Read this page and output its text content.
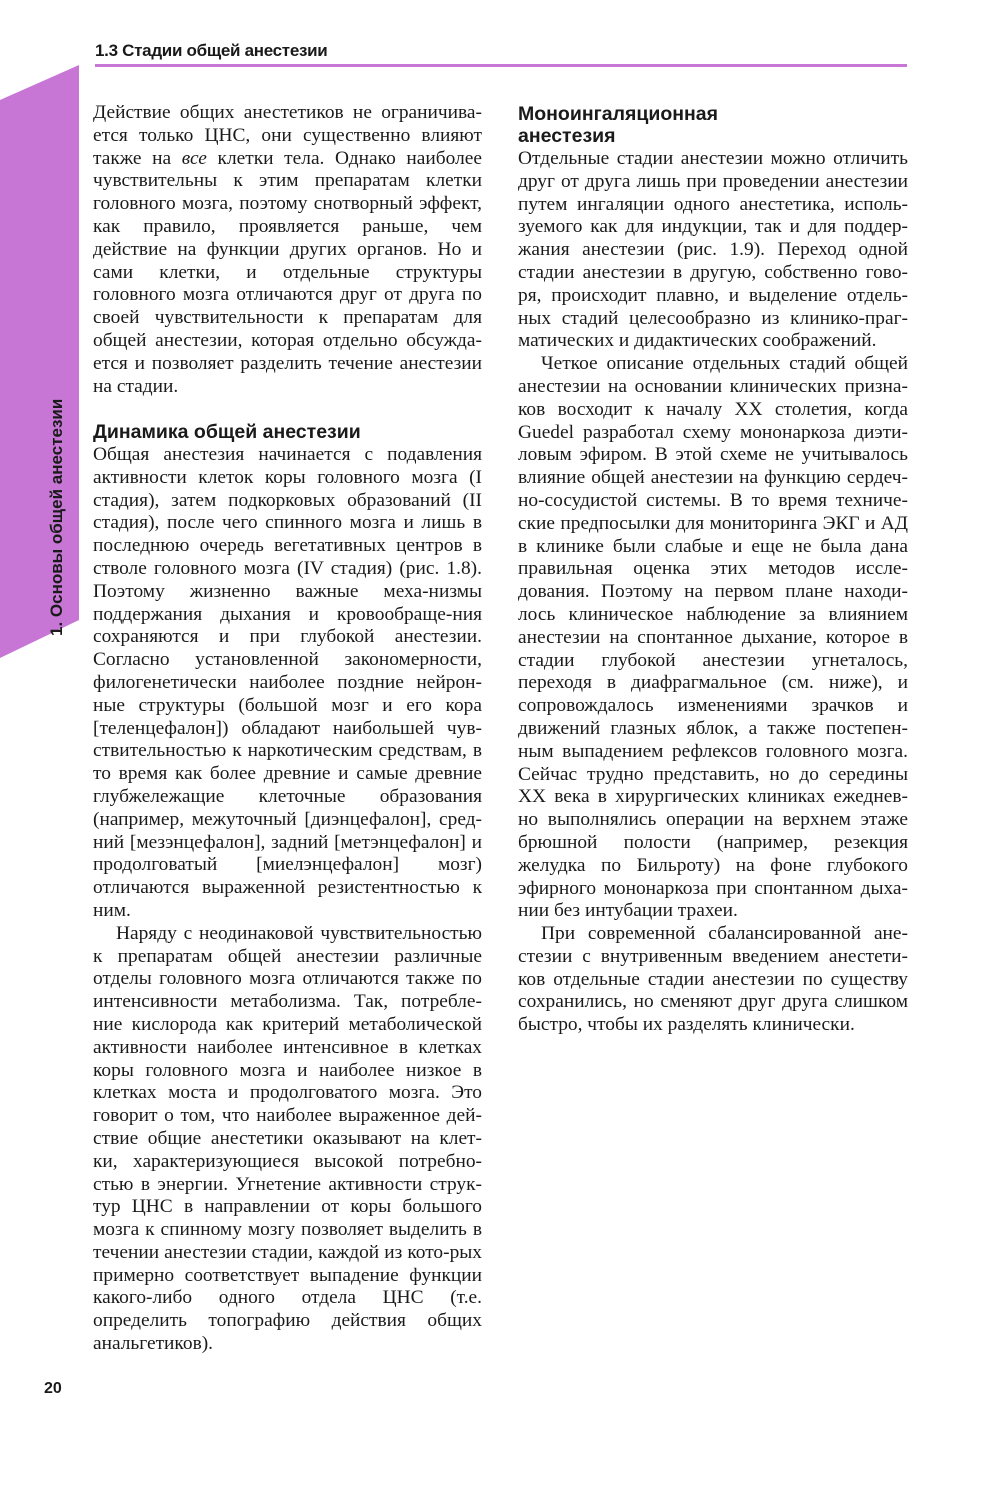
1. Основы общей анестезии
1.3 Стадии общей анестезии

Действие общих анестетиков не ограничива-ется только ЦНС, они существенно влияют также на все клетки тела. Однако наиболее чувствительны к этим препаратам клетки головного мозга, поэтому снотворный эффект, как правило, проявляется раньше, чем действие на функции других органов. Но и сами клетки, и отдельные структуры головного мозга отличаются друг от друга по своей чувствительности к препаратам для общей анестезии, которая отдельно обсужда-ется и позволяет разделить течение анестезии на стадии.

Динамика общей анестезии

Общая анестезия начинается с подавления активности клеток коры головного мозга (I стадия), затем подкорковых образований (II стадия), после чего спинного мозга и лишь в последнюю очередь вегетативных центров в стволе головного мозга (IV стадия) (рис. 1.8). Поэтому жизненно важные меха-низмы поддержания дыхания и кровообраще-ния сохраняются и при глубокой анестезии. Согласно установленной закономерности, филогенетически наиболее поздние нейрон-ные структуры (большой мозг и его кора [теленцефалон]) обладают наибольшей чув-ствительностью к наркотическим средствам, в то время как более древние и самые древние глубжележащие клеточные образования (например, межуточный [диэнцефалон], сред-ний [мезэнцефалон], задний [метэнцефалон] и продолговатый [миелэнцефалон] мозг) отличаются выраженной резистентностью к ним.

Наряду с неодинаковой чувствительностью к препаратам общей анестезии различные отделы головного мозга отличаются также по интенсивности метаболизма. Так, потребле-ние кислорода как критерий метаболической активности наиболее интенсивное в клетках коры головного мозга и наиболее низкое в клетках моста и продолговатого мозга. Это говорит о том, что наиболее выраженное дей-ствие общие анестетики оказывают на клет-ки, характеризующиеся высокой потребно-стью в энергии. Угнетение активности струк-тур ЦНС в направлении от коры большого мозга к спинному мозгу позволяет выделить в течении анестезии стадии, каждой из кото-рых примерно соответствует выпадение функции какого-либо одного отдела ЦНС (т.е. определить топографию действия общих анальгетиков).

Моноингаляционная анестезия

Отдельные стадии анестезии можно отличить друг от друга лишь при проведении анестезии путем ингаляции одного анестетика, исполь-зуемого как для индукции, так и для поддер-жания анестезии (рис. 1.9). Переход одной стадии анестезии в другую, собственно гово-ря, происходит плавно, и выделение отдель-ных стадий целесообразно из клинико-праг-матических и дидактических соображений.

Четкое описание отдельных стадий общей анестезии на основании клинических призна-ков восходит к началу XX столетия, когда Guedel разработал схему мононаркоза диэти-ловым эфиром. В этой схеме не учитывалось влияние общей анестезии на функцию сердеч-но-сосудистой системы. В то время техниче-ские предпосылки для мониторинга ЭКГ и АД в клинике были слабые и еще не была дана правильная оценка этих методов иссле-дования. Поэтому на первом плане находи-лось клиническое наблюдение за влиянием анестезии на спонтанное дыхание, которое в стадии глубокой анестезии угнеталось, переходя в диафрагмальное (см. ниже), и сопровождалось изменениями зрачков и движений глазных яблок, а также постепен-ным выпадением рефлексов головного мозга. Сейчас трудно представить, но до середины XX века в хирургических клиниках ежеднев-но выполнялись операции на верхнем этаже брюшной полости (например, резекция желудка по Бильроту) на фоне глубокого эфирного мононаркоза при спонтанном дыха-нии без интубации трахеи.

При современной сбалансированной ане-стезии с внутривенным введением анестети-ков отдельные стадии анестезии по существу сохранились, но сменяют друг друга слишком быстро, чтобы их разделять клинически.

20
